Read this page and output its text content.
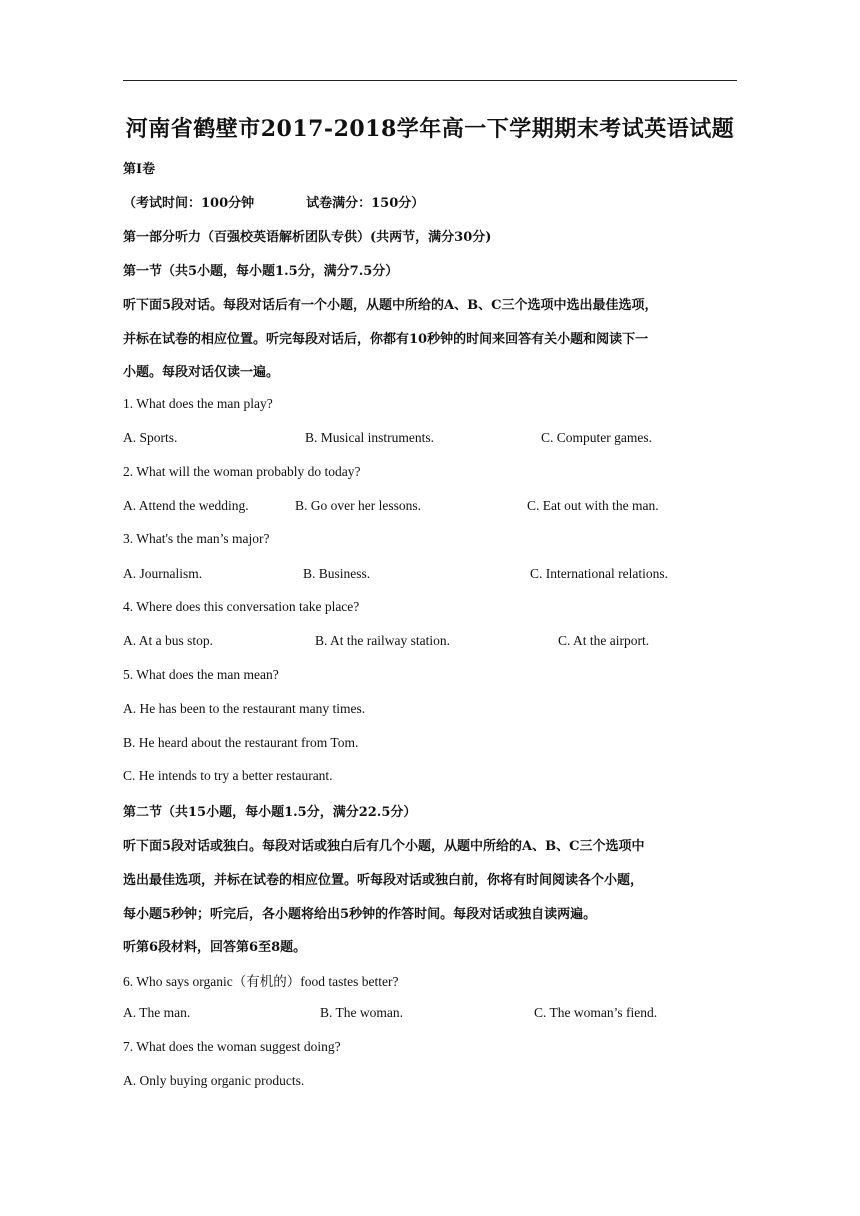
河南省鹤壁市2017-2018学年高一下学期期末考试英语试题
第I卷
（考试时间：100分钟　　　　试卷满分：150分）
第一部分听力（百强校英语解析团队专供）(共两节，满分30分)
第一节（共5小题，每小题1.5分，满分7.5分）
听下面5段对话。每段对话后有一个小题，从题中所给的A、B、C三个选项中选出最佳选项，
并标在试卷的相应位置。听完每段对话后，你都有10秒钟的时间来回答有关小题和阅读下一
小题。每段对话仅读一遍。
1. What does the man play?
A. Sports.	B. Musical instruments.	C. Computer games.
2. What will the woman probably do today?
A. Attend the wedding.	B. Go over her lessons.	C. Eat out with the man.
3. What's the man’s major?
A. Journalism.	B. Business.	C. International relations.
4. Where does this conversation take place?
A. At a bus stop.	B. At the railway station.	C. At the airport.
5. What does the man mean?
A. He has been to the restaurant many times.
B. He heard about the restaurant from Tom.
C. He intends to try a better restaurant.
第二节（共15小题，每小题1.5分，满分22.5分）
听下面5段对话或独白。每段对话或独白后有几个小题，从题中所给的A、B、C三个选项中
选出最佳选项，并标在试卷的相应位置。听每段对话或独白前，你将有时间阅读各个小题，
每小题5秒钟；听完后，各小题将给出5秒钟的作答时间。每段对话或独自读两遍。
听第6段材料，回答第6至8题。
6. Who says organic（有机的）food tastes better?
A. The man.	B. The woman.	C. The woman’s fiend.
7. What does the woman suggest doing?
A. Only buying organic products.
